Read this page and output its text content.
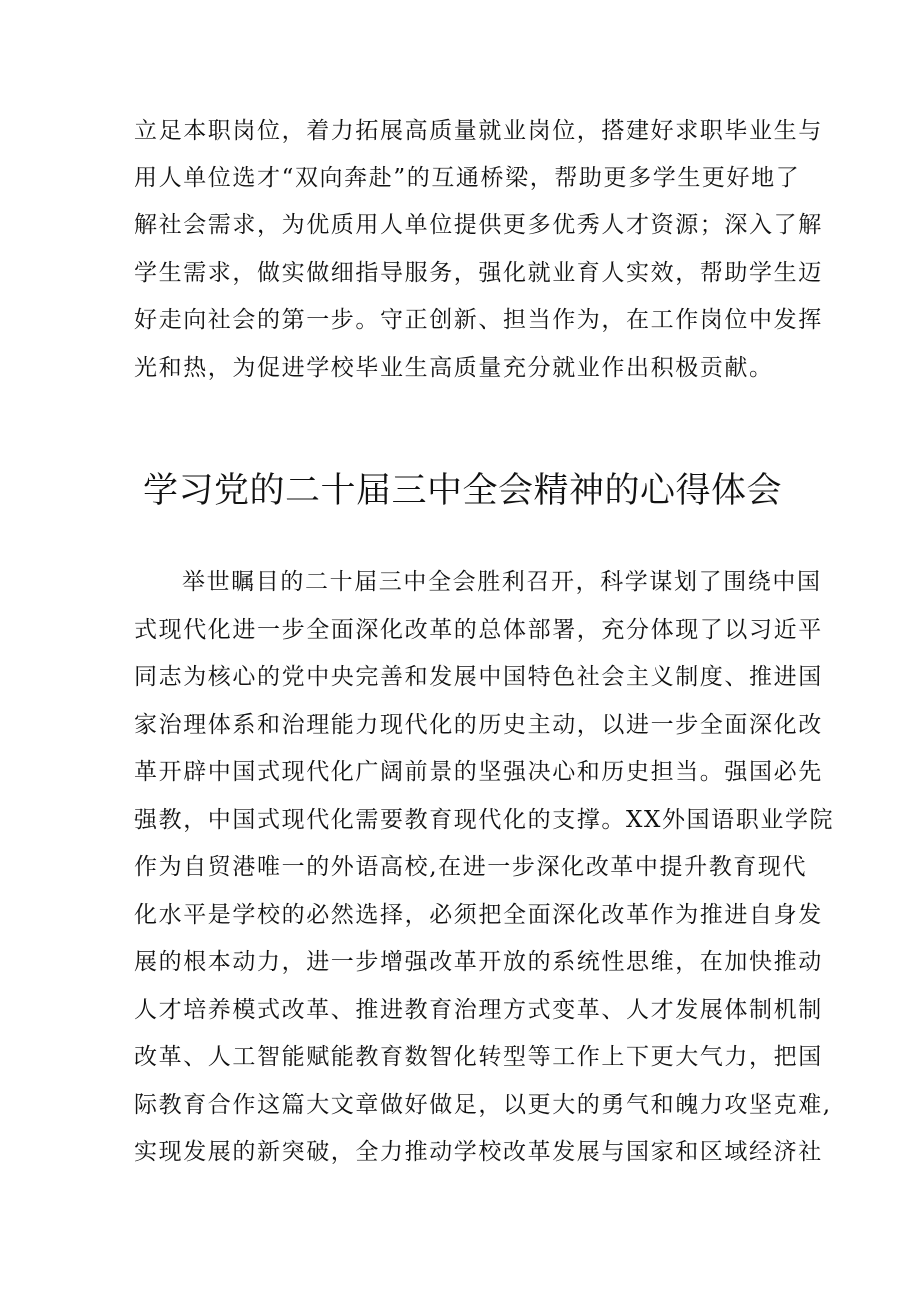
立足本职岗位，着力拓展高质量就业岗位，搭建好求职毕业生与
用人单位选才“双向奔赴”的互通桥梁，帮助更多学生更好地了
解社会需求，为优质用人单位提供更多优秀人才资源；深入了解
学生需求，做实做细指导服务，强化就业育人实效，帮助学生迈
好走向社会的第一步。守正创新、担当作为，在工作岗位中发挥
光和热，为促进学校毕业生高质量充分就业作出积极贡献。
学习党的二十届三中全会精神的心得体会
举世瞩目的二十届三中全会胜利召开，科学谋划了围绕中国
式现代化进一步全面深化改革的总体部署，充分体现了以习近平
同志为核心的党中央完善和发展中国特色社会主义制度、推进国
家治理体系和治理能力现代化的历史主动，以进一步全面深化改
革开辟中国式现代化广阔前景的坚强决心和历史担当。强国必先
强教，中国式现代化需要教育现代化的支撑。XX外国语职业学院
作为自贸港唯一的外语高校,在进一步深化改革中提升教育现代
化水平是学校的必然选择，必须把全面深化改革作为推进自身发
展的根本动力，进一步增强改革开放的系统性思维，在加快推动
人才培养模式改革、推进教育治理方式变革、人才发展体制机制
改革、人工智能赋能教育数智化转型等工作上下更大气力，把国
际教育合作这篇大文章做好做足，以更大的勇气和魄力攻坚克难,
实现发展的新突破，全力推动学校改革发展与国家和区域经济社
